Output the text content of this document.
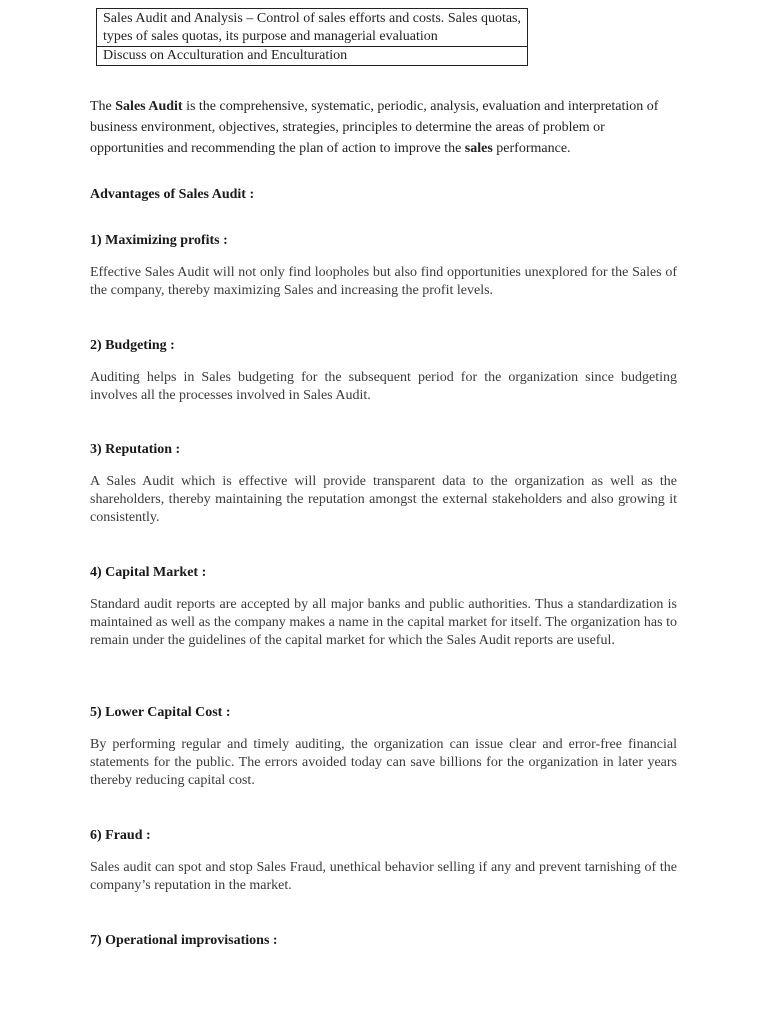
Sales Audit and Analysis – Control of sales efforts and costs. Sales quotas, types of sales quotas, its purpose and managerial evaluation
Discuss on Acculturation and Enculturation

The Sales Audit is the comprehensive, systematic, periodic, analysis, evaluation and interpretation of business environment, objectives, strategies, principles to determine the areas of problem or opportunities and recommending the plan of action to improve the sales performance.

Advantages of Sales Audit :
1) Maximizing profits :
Effective Sales Audit will not only find loopholes but also find opportunities unexplored for the Sales of the company, thereby maximizing Sales and increasing the profit levels.
2) Budgeting :
Auditing helps in Sales budgeting for the subsequent period for the organization since budgeting involves all the processes involved in Sales Audit.
3) Reputation :
A Sales Audit which is effective will provide transparent data to the organization as well as the shareholders, thereby maintaining the reputation amongst the external stakeholders and also growing it consistently.
4) Capital Market :
Standard audit reports are accepted by all major banks and public authorities. Thus a standardization is maintained as well as the company makes a name in the capital market for itself. The organization has to remain under the guidelines of the capital market for which the Sales Audit reports are useful.
5) Lower Capital Cost :
By performing regular and timely auditing, the organization can issue clear and error-free financial statements for the public. The errors avoided today can save billions for the organization in later years thereby reducing capital cost.
6) Fraud :
Sales audit can spot and stop Sales Fraud, unethical behavior selling if any and prevent tarnishing of the company’s reputation in the market.
7) Operational improvisations :
